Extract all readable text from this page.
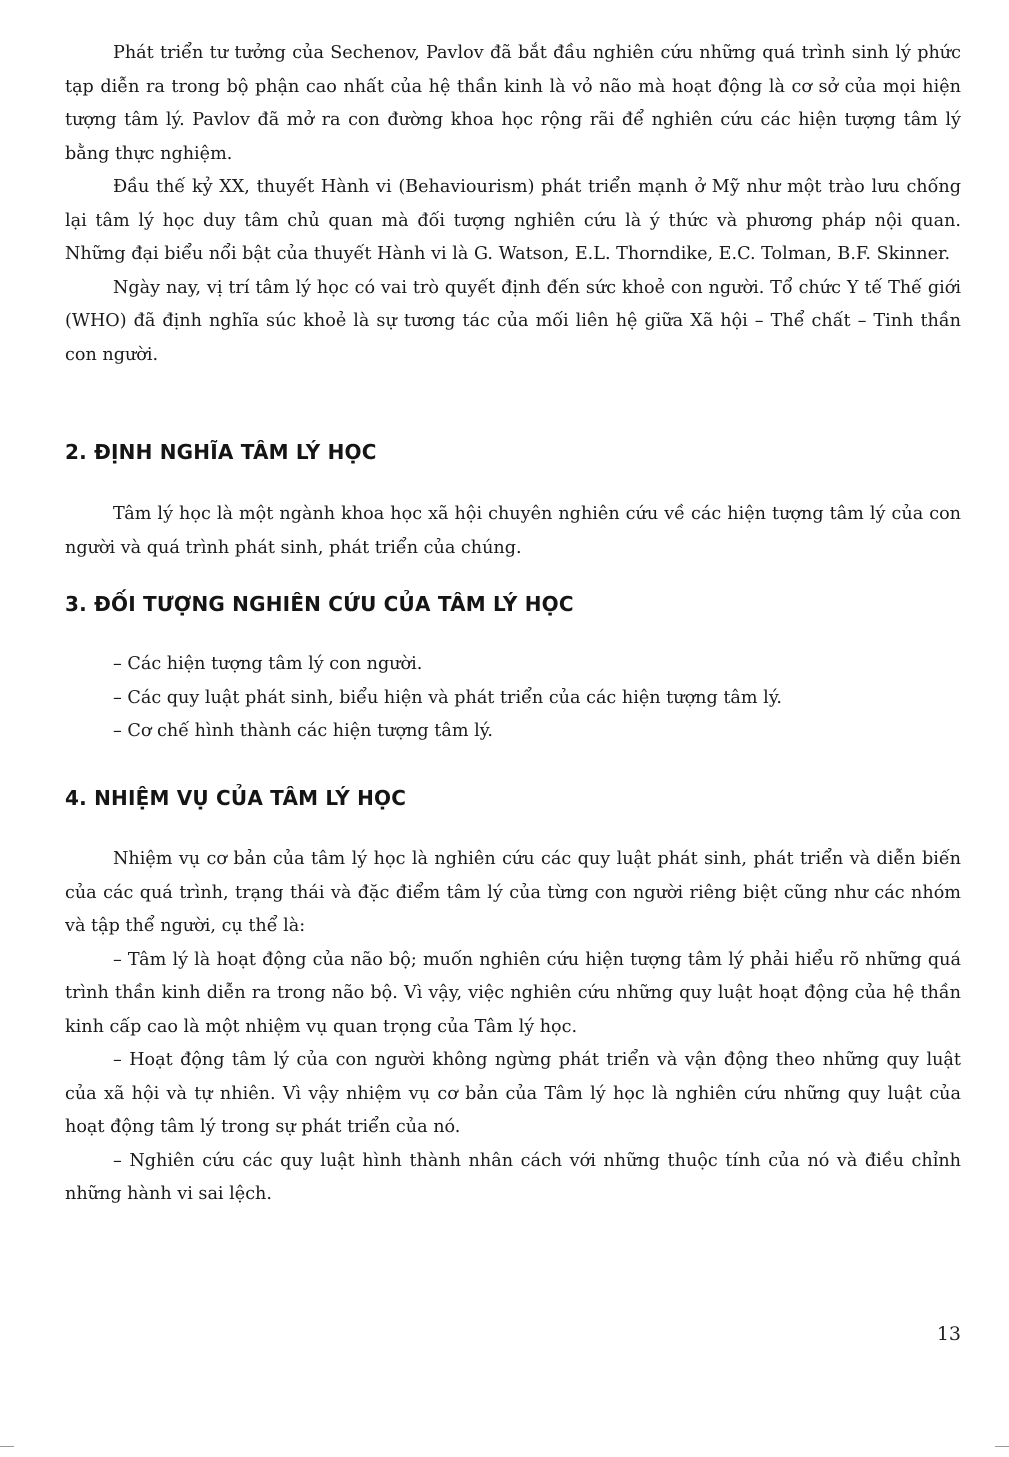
Phát triển tư tưởng của Sechenov, Pavlov đã bắt đầu nghiên cứu những quá trình sinh lý phức tạp diễn ra trong bộ phận cao nhất của hệ thần kinh là vỏ não mà hoạt động là cơ sở của mọi hiện tượng tâm lý. Pavlov đã mở ra con đường khoa học rộng rãi để nghiên cứu các hiện tượng tâm lý bằng thực nghiệm.

Đầu thế kỷ XX, thuyết Hành vi (Behaviourism) phát triển mạnh ở Mỹ như một trào lưu chống lại tâm lý học duy tâm chủ quan mà đối tượng nghiên cứu là ý thức và phương pháp nội quan. Những đại biểu nổi bật của thuyết Hành vi là G. Watson, E.L. Thorndike, E.C. Tolman, B.F. Skinner.

Ngày nay, vị trí tâm lý học có vai trò quyết định đến sức khoẻ con người. Tổ chức Y tế Thế giới (WHO) đã định nghĩa súc khoẻ là sự tương tác của mối liên hệ giữa Xã hội – Thể chất – Tinh thần con người.

2. ĐỊNH NGHĨA TÂM LÝ HỌC

Tâm lý học là một ngành khoa học xã hội chuyên nghiên cứu về các hiện tượng tâm lý của con người và quá trình phát sinh, phát triển của chúng.

3. ĐỐI TƯỢNG NGHIÊN CỨU CỦA TÂM LÝ HỌC

– Các hiện tượng tâm lý con người.

– Các quy luật phát sinh, biểu hiện và phát triển của các hiện tượng tâm lý.

– Cơ chế hình thành các hiện tượng tâm lý.

4. NHIỆM VỤ CỦA TÂM LÝ HỌC

Nhiệm vụ cơ bản của tâm lý học là nghiên cứu các quy luật phát sinh, phát triển và diễn biến của các quá trình, trạng thái và đặc điểm tâm lý của từng con người riêng biệt cũng như các nhóm và tập thể người, cụ thể là:

– Tâm lý là hoạt động của não bộ; muốn nghiên cứu hiện tượng tâm lý phải hiểu rõ những quá trình thần kinh diễn ra trong não bộ. Vì vậy, việc nghiên cứu những quy luật hoạt động của hệ thần kinh cấp cao là một nhiệm vụ quan trọng của Tâm lý học.

– Hoạt động tâm lý của con người không ngừng phát triển và vận động theo những quy luật của xã hội và tự nhiên. Vì vậy nhiệm vụ cơ bản của Tâm lý học là nghiên cứu những quy luật của hoạt động tâm lý trong sự phát triển của nó.

– Nghiên cứu các quy luật hình thành nhân cách với những thuộc tính của nó và điều chỉnh những hành vi sai lệch.

13
